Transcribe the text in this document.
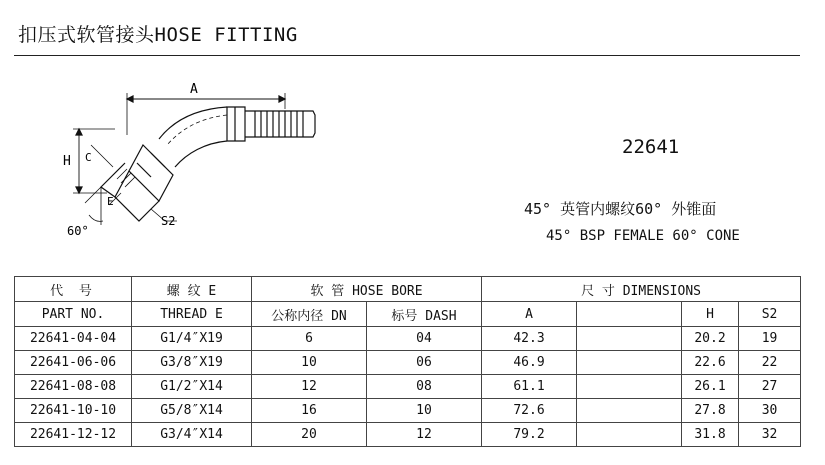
扣压式软管接头HOSE FITTING
A
H C
E
S2
60°
22641
45° 英管内螺纹60° 外锥面
45° BSP FEMALE 60° CONE
代 号	螺 纹 E	软 管 HOSE BORE		尺 寸 DIMENSIONS			
PART NO.	THREAD E	公称内径 DN	标号 DASH	A		H	S2
22641-04-04	G1/4″X19	6	04	42.3		20.2	19
22641-06-06	G3/8″X19	10	06	46.9		22.6	22
22641-08-08	G1/2″X14	12	08	61.1		26.1	27
22641-10-10	G5/8″X14	16	10	72.6		27.8	30
22641-12-12	G3/4″X14	20	12	79.2		31.8	32
